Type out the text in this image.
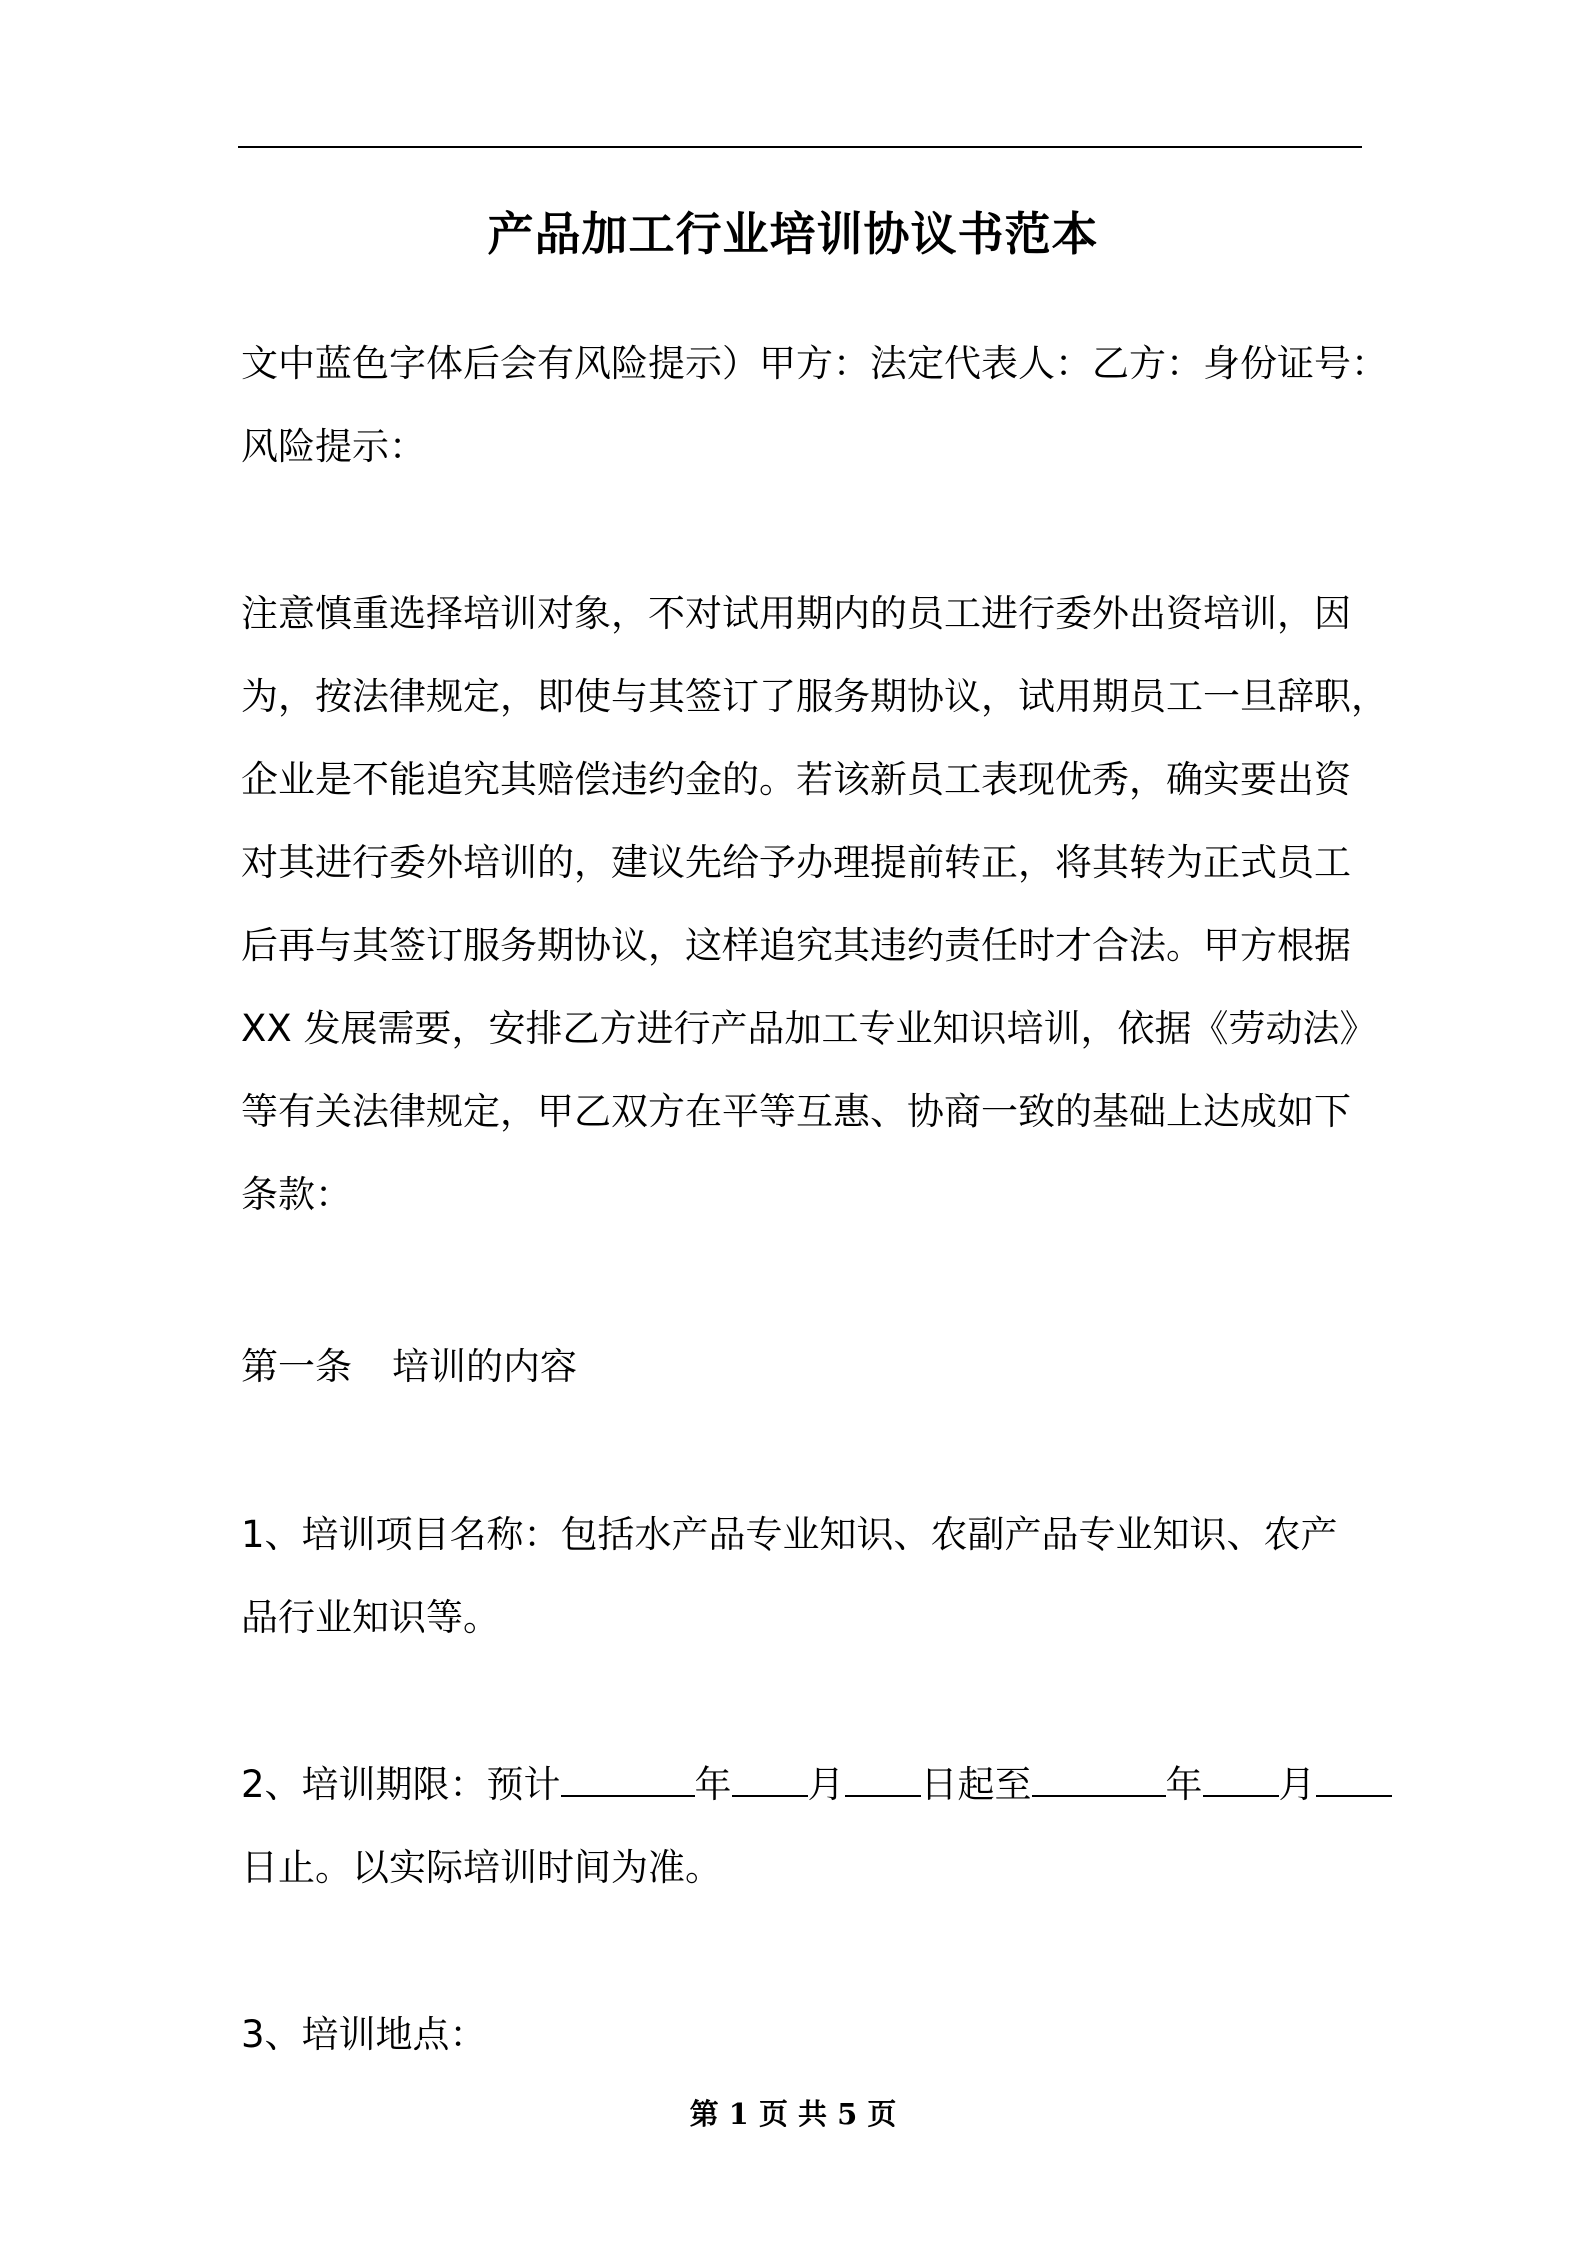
产品加工行业培训协议书范本
文中蓝色字体后会有风险提示）甲方：法定代表人：乙方：身份证号：
风险提示：
注意慎重选择培训对象，不对试用期内的员工进行委外出资培训，因
为，按法律规定，即使与其签订了服务期协议，试用期员工一旦辞职，
企业是不能追究其赔偿违约金的。若该新员工表现优秀，确实要出资
对其进行委外培训的，建议先给予办理提前转正，将其转为正式员工
后再与其签订服务期协议，这样追究其违约责任时才合法。甲方根据
XX 发展需要，安排乙方进行产品加工专业知识培训，依据《劳动法》
等有关法律规定，甲乙双方在平等互惠、协商一致的基础上达成如下
条款：
第一条 培训的内容
1、培训项目名称：包括水产品专业知识、农副产品专业知识、农产
品行业知识等。
2、培训期限：预计	年 月 日起至	年 月
日止。以实际培训时间为准。
3、培训地点：
第 1 页 共 5 页
